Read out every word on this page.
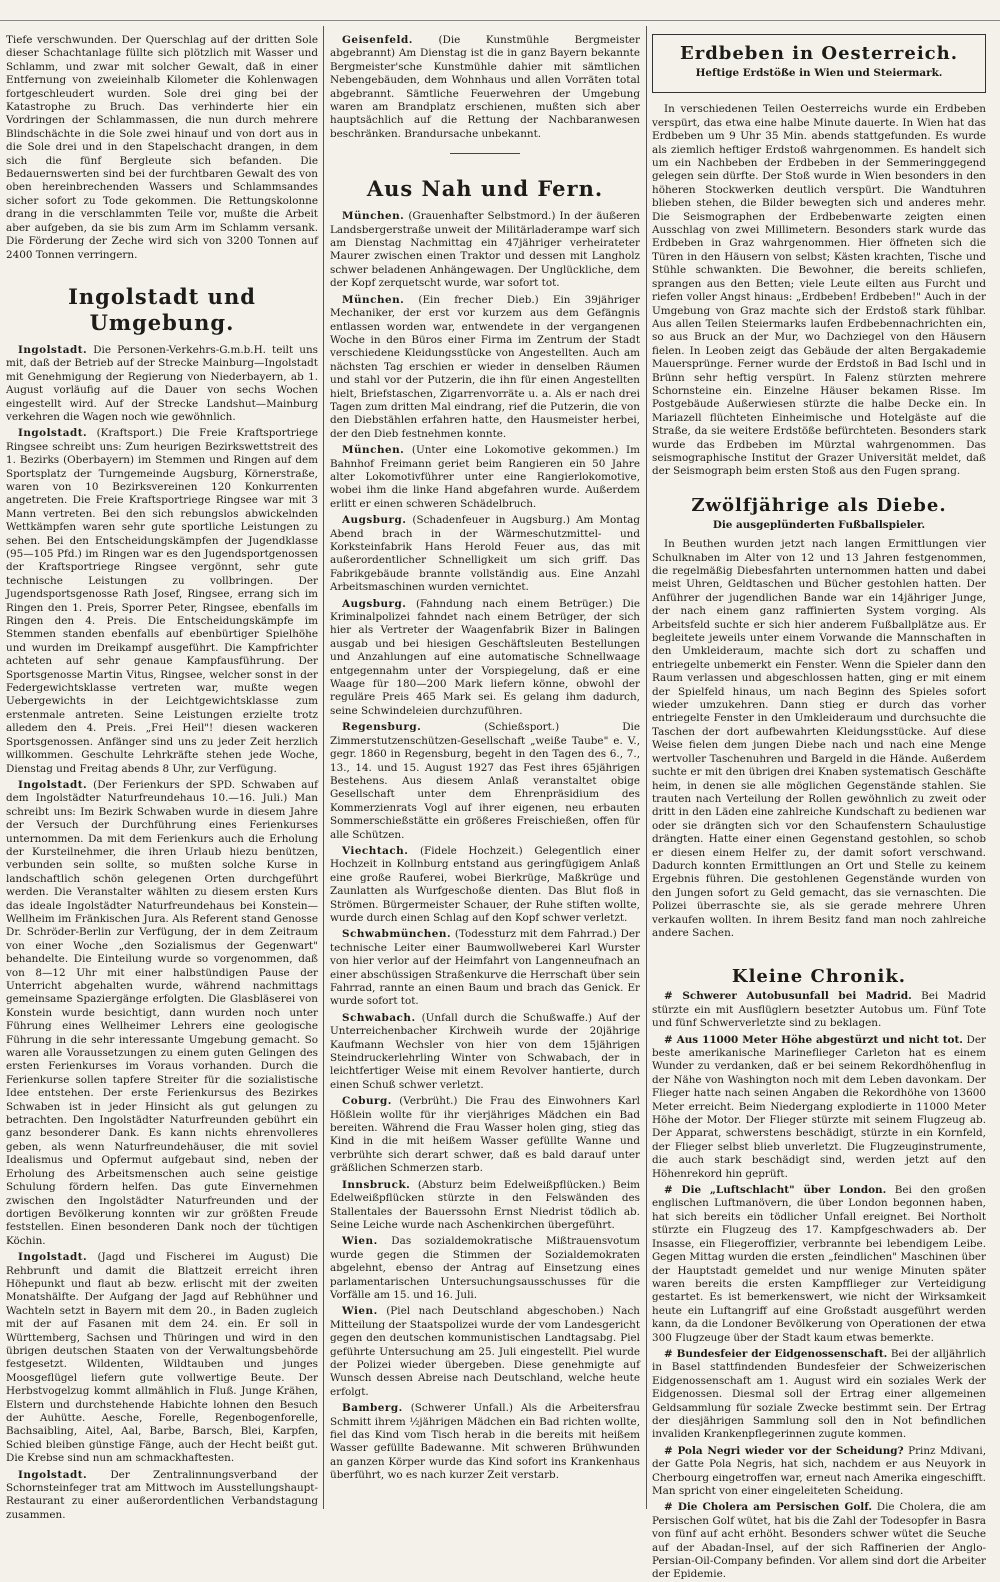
Tiefe verschwunden. Der Querschlag auf der dritten Sole dieser Schachtanlage füllte sich plötzlich mit Wasser und Schlamm, und zwar mit solcher Gewalt, daß in einer Entfernung von zweieinhalb Kilometer die Kohlenwagen fortgeschleudert wurden. Sole drei ging bei der Katastrophe zu Bruch. Das verhinderte hier ein Vordringen der Schlammassen, die nun durch mehrere Blindschächte in die Sole zwei hinauf und von dort aus in die Sole drei und in den Stapelschacht drangen, in dem sich die fünf Bergleute sich befanden. Die Bedauernswerten sind bei der furchtbaren Gewalt des von oben hereinbrechenden Wassers und Schlammsandes sicher sofort zu Tode gekommen. Die Rettungskolonne drang in die verschlammten Teile vor, mußte die Arbeit aber aufgeben, da sie bis zum Arm im Schlamm versank. Die Förderung der Zeche wird sich von 3200 Tonnen auf 2400 Tonnen verringern.

Ingolstadt und Umgebung.

Ingolstadt. Die Personen-Verkehrs-G.m.b.H. teilt uns mit, daß der Betrieb auf der Strecke Mainburg—Ingolstadt mit Genehmigung der Regierung von Niederbayern, ab 1. August vorläufig auf die Dauer von sechs Wochen eingestellt wird. Auf der Strecke Landshut—Mainburg verkehren die Wagen noch wie gewöhnlich.

Ingolstadt. (Kraftsport.) Die Freie Kraftsportriege Ringsee schreibt uns: Zum heurigen Bezirkswettstreit des 1. Bezirks (Oberbayern) im Stemmen und Ringen auf dem Sportsplatz der Turngemeinde Augsburg, Körnerstraße, waren von 10 Bezirksvereinen 120 Konkurrenten angetreten. Die Freie Kraftsportriege Ringsee war mit 3 Mann vertreten. Bei den sich rebungslos abwickelnden Wettkämpfen waren sehr gute sportliche Leistungen zu sehen. Bei den Entscheidungskämpfen der Jugendklasse (95—105 Pfd.) im Ringen war es den Jugendsportgenossen der Kraftsportriege Ringsee vergönnt, sehr gute technische Leistungen zu vollbringen. Der Jugendsportsgenosse Rath Josef, Ringsee, errang sich im Ringen den 1. Preis, Sporrer Peter, Ringsee, ebenfalls im Ringen den 4. Preis. Die Entscheidungskämpfe im Stemmen standen ebenfalls auf ebenbürtiger Spielhöhe und wurden im Dreikampf ausgeführt. Die Kampfrichter achteten auf sehr genaue Kampfausführung. Der Sportsgenosse Martin Vitus, Ringsee, welcher sonst in der Federgewichtsklasse vertreten war, mußte wegen Uebergewichts in der Leichtgewichtsklasse zum erstenmale antreten. Seine Leistungen erzielte trotz alledem den 4. Preis. „Frei Heil"! diesen wackeren Sportsgenossen. Anfänger sind uns zu jeder Zeit herzlich willkommen. Geschulte Lehrkräfte stehen jede Woche, Dienstag und Freitag abends 8 Uhr, zur Verfügung.

Ingolstadt. (Der Ferienkurs der SPD. Schwaben auf dem Ingolstädter Naturfreundehaus 10.—16. Juli.) Man schreibt uns: Im Bezirk Schwaben wurde in diesem Jahre der Versuch der Durchführung eines Ferienkurses unternommen. Da mit dem Ferienkurs auch die Erholung der Kursteilnehmer, die ihren Urlaub hiezu benützen, verbunden sein sollte, so mußten solche Kurse in landschaftlich schön gelegenen Orten durchgeführt werden. Die Veranstalter wählten zu diesem ersten Kurs das ideale Ingolstädter Naturfreundehaus bei Konstein—Wellheim im Fränkischen Jura. Als Referent stand Genosse Dr. Schröder-Berlin zur Verfügung, der in dem Zeitraum von einer Woche „den Sozialismus der Gegenwart" behandelte. Die Einteilung wurde so vorgenommen, daß von 8—12 Uhr mit einer halbstündigen Pause der Unterricht abgehalten wurde, während nachmittags gemeinsame Spaziergänge erfolgten. Die Glasbläserei von Konstein wurde besichtigt, dann wurden noch unter Führung eines Wellheimer Lehrers eine geologische Führung in die sehr interessante Umgebung gemacht. So waren alle Voraussetzungen zu einem guten Gelingen des ersten Ferienkurses im Voraus vorhanden. Durch die Ferienkurse sollen tapfere Streiter für die sozialistische Idee entstehen. Der erste Ferienkursus des Bezirkes Schwaben ist in jeder Hinsicht als gut gelungen zu betrachten. Den Ingolstädter Naturfreunden gebührt ein ganz besonderer Dank. Es kann nichts ehrenvolleres geben, als wenn Naturfreundehäuser, die mit soviel Idealismus und Opfermut aufgebaut sind, neben der Erholung des Arbeitsmenschen auch seine geistige Schulung fördern helfen. Das gute Einvernehmen zwischen den Ingolstädter Naturfreunden und der dortigen Bevölkerung konnten wir zur größten Freude feststellen. Einen besonderen Dank noch der tüchtigen Köchin.

Ingolstadt. (Jagd und Fischerei im August) Die Rehbrunft und damit die Blattzeit erreicht ihren Höhepunkt und flaut ab bezw. erlischt mit der zweiten Monatshälfte. Der Aufgang der Jagd auf Rebhühner und Wachteln setzt in Bayern mit dem 20., in Baden zugleich mit der auf Fasanen mit dem 24. ein. Er soll in Württemberg, Sachsen und Thüringen und wird in den übrigen deutschen Staaten von der Verwaltungsbehörde festgesetzt. Wildenten, Wildtauben und junges Moosgeflügel liefern gute vollwertige Beute. Der Herbstvogelzug kommt allmählich in Fluß. Junge Krähen, Elstern und durchstehende Habichte lohnen den Besuch der Auhütte. Aesche, Forelle, Regenbogenforelle, Bachsaibling, Aitel, Aal, Barbe, Barsch, Blei, Karpfen, Schied bleiben günstige Fänge, auch der Hecht beißt gut. Die Krebse sind nun am schmackhaftesten.

Ingolstadt. Der Zentralinnungsverband der Schornsteinfeger trat am Mittwoch im Ausstellungshaupt-Restaurant zu einer außerordentlichen Verbandstagung zusammen.

Geisenfeld. (Die Kunstmühle Bergmeister abgebrannt) Am Dienstag ist die in ganz Bayern bekannte Bergmeister'sche Kunstmühle dahier mit sämtlichen Nebengebäuden, dem Wohnhaus und allen Vorräten total abgebrannt. Sämtliche Feuerwehren der Umgebung waren am Brandplatz erschienen, mußten sich aber hauptsächlich auf die Rettung der Nachbaranwesen beschränken. Brandursache unbekannt.

Aus Nah und Fern.

München. (Grauenhafter Selbstmord.) In der äußeren Landsbergerstraße unweit der Militärladerampe warf sich am Dienstag Nachmittag ein 47jähriger verheirateter Maurer zwischen einen Traktor und dessen mit Langholz schwer beladenen Anhängewagen. Der Unglückliche, dem der Kopf zerquetscht wurde, war sofort tot.

München. (Ein frecher Dieb.) Ein 39jähriger Mechaniker, der erst vor kurzem aus dem Gefängnis entlassen worden war, entwendete in der vergangenen Woche in den Büros einer Firma im Zentrum der Stadt verschiedene Kleidungsstücke von Angestellten. Auch am nächsten Tag erschien er wieder in denselben Räumen und stahl vor der Putzerin, die ihn für einen Angestellten hielt, Briefstaschen, Zigarrenvorräte u. a. Als er nach drei Tagen zum dritten Mal eindrang, rief die Putzerin, die von den Diebstählen erfahren hatte, den Hausmeister herbei, der den Dieb festnehmen konnte.

München. (Unter eine Lokomotive gekommen.) Im Bahnhof Freimann geriet beim Rangieren ein 50 Jahre alter Lokomotivführer unter eine Rangierlokomotive, wobei ihm die linke Hand abgefahren wurde. Außerdem erlitt er einen schweren Schädelbruch.

Augsburg. (Schadenfeuer in Augsburg.) Am Montag Abend brach in der Wärmeschutzmittel- und Korksteinfabrik Hans Herold Feuer aus, das mit außerordentlicher Schnelligkeit um sich griff. Das Fabrikgebäude brannte vollständig aus. Eine Anzahl Arbeitsmaschinen wurden vernichtet.

Augsburg. (Fahndung nach einem Betrüger.) Die Kriminalpolizei fahndet nach einem Betrüger, der sich hier als Vertreter der Waagenfabrik Bizer in Balingen ausgab und bei hiesigen Geschäftsleuten Bestellungen und Anzahlungen auf eine automatische Schnellwaage entgegennahm unter der Vorspiegelung, daß er eine Waage für 180—200 Mark liefern könne, obwohl der reguläre Preis 465 Mark sei. Es gelang ihm dadurch, seine Schwindeleien durchzuführen.

Regensburg. (Schießsport.) Die Zimmerstutzenschützen-Gesellschaft „weiße Taube" e. V., gegr. 1860 in Regensburg, begeht in den Tagen des 6., 7., 13., 14. und 15. August 1927 das Fest ihres 65jährigen Bestehens. Aus diesem Anlaß veranstaltet obige Gesellschaft unter dem Ehrenpräsidium des Kommerzienrats Vogl auf ihrer eigenen, neu erbauten Sommerschießstätte ein größeres Freischießen, offen für alle Schützen.

Viechtach. (Fidele Hochzeit.) Gelegentlich einer Hochzeit in Kollnburg entstand aus geringfügigem Anlaß eine große Rauferei, wobei Bierkrüge, Maßkrüge und Zaunlatten als Wurfgeschoße dienten. Das Blut floß in Strömen. Bürgermeister Schauer, der Ruhe stiften wollte, wurde durch einen Schlag auf den Kopf schwer verletzt.

Schwabmünchen. (Todessturz mit dem Fahrrad.) Der technische Leiter einer Baumwollweberei Karl Wurster von hier verlor auf der Heimfahrt von Langenneufnach an einer abschüssigen Straßenkurve die Herrschaft über sein Fahrrad, rannte an einen Baum und brach das Genick. Er wurde sofort tot.

Schwabach. (Unfall durch die Schußwaffe.) Auf der Unterreichenbacher Kirchweih wurde der 20jährige Kaufmann Wechsler von hier von dem 15jährigen Steindruckerlehrling Winter von Schwabach, der in leichtfertiger Weise mit einem Revolver hantierte, durch einen Schuß schwer verletzt.

Coburg. (Verbrüht.) Die Frau des Einwohners Karl Hößlein wollte für ihr vierjähriges Mädchen ein Bad bereiten. Während die Frau Wasser holen ging, stieg das Kind in die mit heißem Wasser gefüllte Wanne und verbrühte sich derart schwer, daß es bald darauf unter gräßlichen Schmerzen starb.

Innsbruck. (Absturz beim Edelweißpflücken.) Beim Edelweißpflücken stürzte in den Felswänden des Stallentales der Bauerssohn Ernst Niedrist tödlich ab. Seine Leiche wurde nach Aschenkirchen übergeführt.

Wien. Das sozialdemokratische Mißtrauensvotum wurde gegen die Stimmen der Sozialdemokraten abgelehnt, ebenso der Antrag auf Einsetzung eines parlamentarischen Untersuchungsausschusses für die Vorfälle am 15. und 16. Juli.

Wien. (Piel nach Deutschland abgeschoben.) Nach Mitteilung der Staatspolizei wurde der vom Landesgericht gegen den deutschen kommunistischen Landtagsabg. Piel geführte Untersuchung am 25. Juli eingestellt. Piel wurde der Polizei wieder übergeben. Diese genehmigte auf Wunsch dessen Abreise nach Deutschland, welche heute erfolgt.

Bamberg. (Schwerer Unfall.) Als die Arbeitersfrau Schmitt ihrem ½jährigen Mädchen ein Bad richten wollte, fiel das Kind vom Tisch herab in die bereits mit heißem Wasser gefüllte Badewanne. Mit schweren Brühwunden an ganzen Körper wurde das Kind sofort ins Krankenhaus überführt, wo es nach kurzer Zeit verstarb.

Erdbeben in Oesterreich.
Heftige Erdstöße in Wien und Steiermark.

In verschiedenen Teilen Oesterreichs wurde ein Erdbeben verspürt, das etwa eine halbe Minute dauerte. In Wien hat das Erdbeben um 9 Uhr 35 Min. abends stattgefunden. Es wurde als ziemlich heftiger Erdstoß wahrgenommen. Es handelt sich um ein Nachbeben der Erdbeben in der Semmeringgegend gelegen sein dürfte. Der Stoß wurde in Wien besonders in den höheren Stockwerken deutlich verspürt. Die Wandtuhren blieben stehen, die Bilder bewegten sich und anderes mehr. Die Seismographen der Erdbebenwarte zeigten einen Ausschlag von zwei Millimetern. Besonders stark wurde das Erdbeben in Graz wahrgenommen. Hier öffneten sich die Türen in den Häusern von selbst; Kästen krachten, Tische und Stühle schwankten. Die Bewohner, die bereits schliefen, sprangen aus den Betten; viele Leute eilten aus Furcht und riefen voller Angst hinaus: „Erdbeben! Erdbeben!" Auch in der Umgebung von Graz machte sich der Erdstoß stark fühlbar. Aus allen Teilen Steiermarks laufen Erdbebennachrichten ein, so aus Bruck an der Mur, wo Dachziegel von den Häusern fielen. In Leoben zeigt das Gebäude der alten Bergakademie Mauersprünge. Ferner wurde der Erdstoß in Bad Ischl und in Brünn sehr heftig verspürt. In Falenz stürzten mehrere Schornsteine ein. Einzelne Häuser bekamen Risse. Im Postgebäude Außerwiesen stürzte die halbe Decke ein. In Mariazell flüchteten Einheimische und Hotelgäste auf die Straße, da sie weitere Erdstöße befürchteten. Besonders stark wurde das Erdbeben im Mürztal wahrgenommen. Das seismographische Institut der Grazer Universität meldet, daß der Seismograph beim ersten Stoß aus den Fugen sprang.

Zwölfjährige als Diebe.
Die ausgeplünderten Fußballspieler.

In Beuthen wurden jetzt nach langen Ermittlungen vier Schulknaben im Alter von 12 und 13 Jahren festgenommen, die regelmäßig Diebesfahrten unternommen hatten und dabei meist Uhren, Geldtaschen und Bücher gestohlen hatten. Der Anführer der jugendlichen Bande war ein 14jähriger Junge, der nach einem ganz raffinierten System vorging. Als Arbeitsfeld suchte er sich hier anderem Fußballplätze aus. Er begleitete jeweils unter einem Vorwande die Mannschaften in den Umkleideraum, machte sich dort zu schaffen und entriegelte unbemerkt ein Fenster. Wenn die Spieler dann den Raum verlassen und abgeschlossen hatten, ging er mit einem der Spielfeld hinaus, um nach Beginn des Spieles sofort wieder umzukehren. Dann stieg er durch das vorher entriegelte Fenster in den Umkleideraum und durchsuchte die Taschen der dort aufbewahrten Kleidungsstücke. Auf diese Weise fielen dem jungen Diebe nach und nach eine Menge wertvoller Taschenuhren und Bargeld in die Hände. Außerdem suchte er mit den übrigen drei Knaben systematisch Geschäfte heim, in denen sie alle möglichen Gegenstände stahlen. Sie trauten nach Verteilung der Rollen gewöhnlich zu zweit oder dritt in den Läden eine zahlreiche Kundschaft zu bedienen war oder sie drängten sich vor den Schaufenstern Schaulustige drängten. Hatte einer einen Gegenstand gestohlen, so schob er diesen einem Helfer zu, der damit sofort verschwand. Dadurch konnten Ermittlungen an Ort und Stelle zu keinem Ergebnis führen. Die gestohlenen Gegenstände wurden von den Jungen sofort zu Geld gemacht, das sie vernaschten. Die Polizei überraschte sie, als sie gerade mehrere Uhren verkaufen wollten. In ihrem Besitz fand man noch zahlreiche andere Sachen.

Kleine Chronik.

# Schwerer Autobusunfall bei Madrid. Bei Madrid stürzte ein mit Ausflüglern besetzter Autobus um. Fünf Tote und fünf Schwerverletzte sind zu beklagen.

# Aus 11000 Meter Höhe abgestürzt und nicht tot. Der beste amerikanische Marineflieger Carleton hat es einem Wunder zu verdanken, daß er bei seinem Rekordhöhenflug in der Nähe von Washington noch mit dem Leben davonkam. Der Flieger hatte nach seinen Angaben die Rekordhöhe von 13600 Meter erreicht. Beim Niedergang explodierte in 11000 Meter Höhe der Motor. Der Flieger stürzte mit seinem Flugzeug ab. Der Apparat, schwerstens beschädigt, stürzte in ein Kornfeld, der Flieger selbst blieb unverletzt. Die Flugzeuginstrumente, die auch stark beschädigt sind, werden jetzt auf den Höhenrekord hin geprüft.

# Die „Luftschlacht" über London. Bei den großen englischen Luftmanövern, die über London begonnen haben, hat sich bereits ein tödlicher Unfall ereignet. Bei Northolt stürzte ein Flugzeug des 17. Kampfgeschwaders ab. Der Insasse, ein Fliegeroffizier, verbrannte bei lebendigem Leibe. Gegen Mittag wurden die ersten „feindlichen" Maschinen über der Hauptstadt gemeldet und nur wenige Minuten später waren bereits die ersten Kampfflieger zur Verteidigung gestartet. Es ist bemerkenswert, wie nicht der Wirksamkeit heute ein Luftangriff auf eine Großstadt ausgeführt werden kann, da die Londoner Bevölkerung von Operationen der etwa 300 Flugzeuge über der Stadt kaum etwas bemerkte.

# Bundesfeier der Eidgenossenschaft. Bei der alljährlich in Basel stattfindenden Bundesfeier der Schweizerischen Eidgenossenschaft am 1. August wird ein soziales Werk der Eidgenossen. Diesmal soll der Ertrag einer allgemeinen Geldsammlung für soziale Zwecke bestimmt sein. Der Ertrag der diesjährigen Sammlung soll den in Not befindlichen invaliden Krankenpflegerinnen zugute kommen.

# Pola Negri wieder vor der Scheidung? Prinz Mdivani, der Gatte Pola Negris, hat sich, nachdem er aus Neuyork in Cherbourg eingetroffen war, erneut nach Amerika eingeschifft. Man spricht von einer eingeleiteten Scheidung.

# Die Cholera am Persischen Golf. Die Cholera, die am Persischen Golf wütet, hat bis die Zahl der Todesopfer in Basra von fünf auf acht erhöht. Besonders schwer wütet die Seuche auf der Abadan-Insel, auf der sich Raffinerien der Anglo-Persian-Oil-Company befinden. Vor allem sind dort die Arbeiter der Epidemie.
